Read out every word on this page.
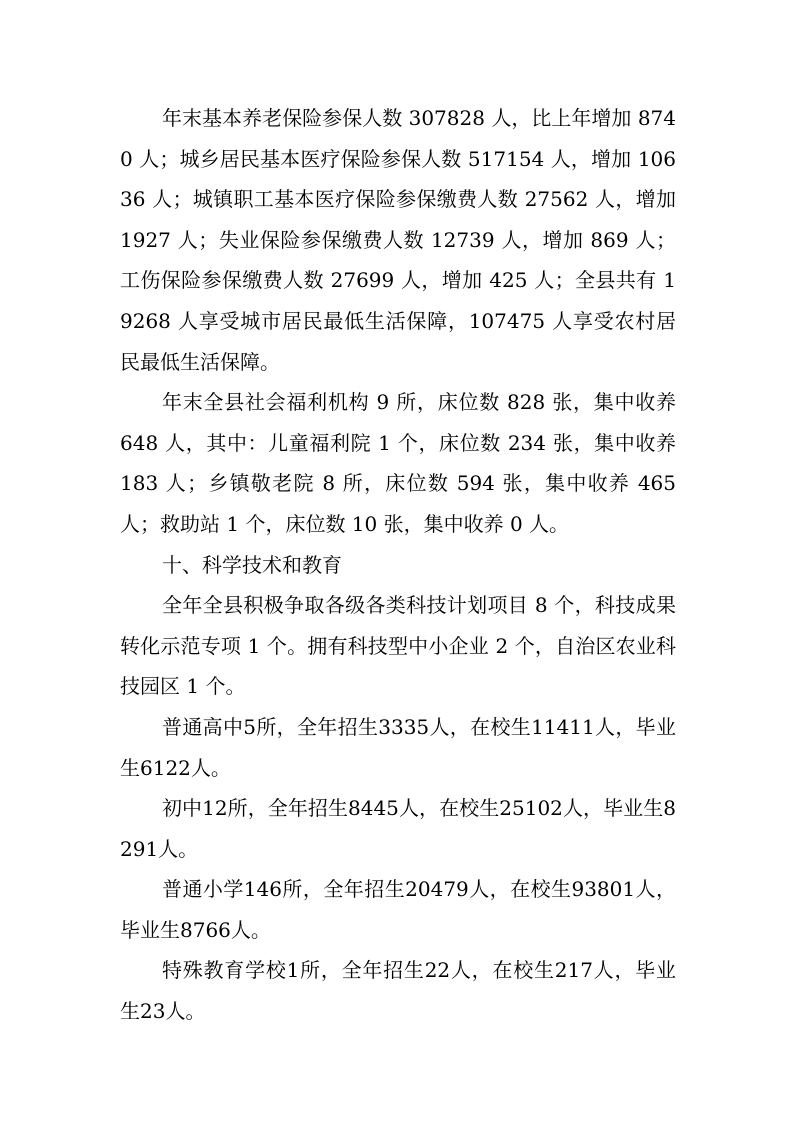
年末基本养老保险参保人数 307828 人，比上年增加 8740 人；城乡居民基本医疗保险参保人数 517154 人，增加 10636 人；城镇职工基本医疗保险参保缴费人数 27562 人，增加 1927 人；失业保险参保缴费人数 12739 人，增加 869 人；工伤保险参保缴费人数 27699 人，增加 425 人；全县共有 19268 人享受城市居民最低生活保障，107475 人享受农村居民最低生活保障。

年末全县社会福利机构 9 所，床位数 828 张，集中收养 648 人，其中：儿童福利院 1 个，床位数 234 张，集中收养 183 人；乡镇敬老院 8 所，床位数 594 张，集中收养 465 人；救助站 1 个，床位数 10 张，集中收养 0 人。

十、科学技术和教育

全年全县积极争取各级各类科技计划项目 8 个，科技成果转化示范专项 1 个。拥有科技型中小企业 2 个，自治区农业科技园区 1 个。

普通高中5所，全年招生3335人，在校生11411人，毕业生6122人。

初中12所，全年招生8445人，在校生25102人，毕业生8291人。

普通小学146所，全年招生20479人，在校生93801人，毕业生8766人。

特殊教育学校1所，全年招生22人，在校生217人，毕业生23人。
